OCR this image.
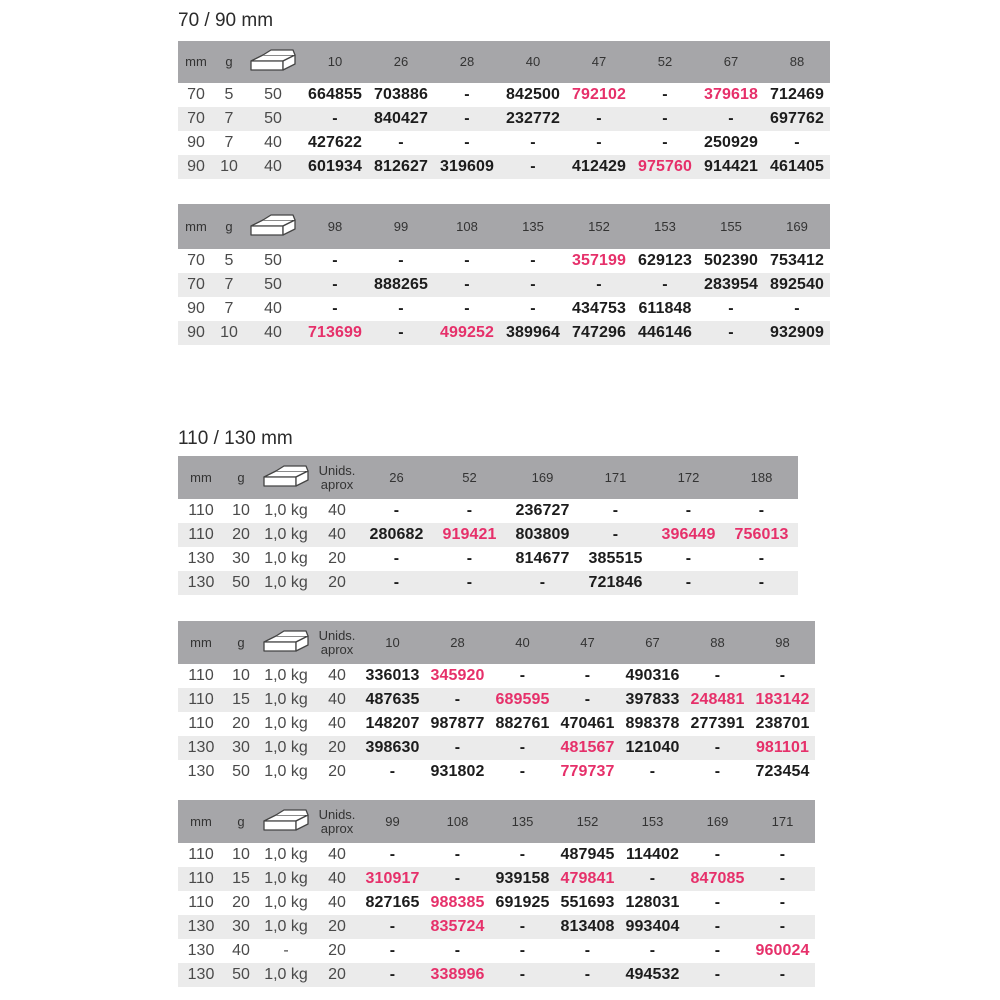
70 / 90 mm
110 / 130 mm
mm	g		10	26	28	40	47	52	67	88
70	5	50	664855	703886	-	842500	792102	-	379618	712469
70	7	50	-	840427	-	232772	-	-	-	697762
90	7	40	427622	-	-	-	-	-	250929	-
90	10	40	601934	812627	319609	-	412429	975760	914421	461405
mm	g		98	99	108	135	152	153	155	169
70	5	50	-	-	-	-	357199	629123	502390	753412
70	7	50	-	888265	-	-	-	-	283954	892540
90	7	40	-	-	-	-	434753	611848	-	-
90	10	40	713699	-	499252	389964	747296	446146	-	932909
mm	g		Unids.
aprox	26	52	169	171	172	188
110	10	1,0 kg	40	-	-	236727	-	-	-
110	20	1,0 kg	40	280682	919421	803809	-	396449	756013
130	30	1,0 kg	20	-	-	814677	385515	-	-
130	50	1,0 kg	20	-	-	-	721846	-	-
mm	g		Unids.
aprox	10	28	40	47	67	88	98
110	10	1,0 kg	40	336013	345920	-	-	490316	-	-
110	15	1,0 kg	40	487635	-	689595	-	397833	248481	183142
110	20	1,0 kg	40	148207	987877	882761	470461	898378	277391	238701
130	30	1,0 kg	20	398630	-	-	481567	121040	-	981101
130	50	1,0 kg	20	-	931802	-	779737	-	-	723454
mm	g		Unids.
aprox	99	108	135	152	153	169	171
110	10	1,0 kg	40	-	-	-	487945	114402	-	-
110	15	1,0 kg	40	310917	-	939158	479841	-	847085	-
110	20	1,0 kg	40	827165	988385	691925	551693	128031	-	-
130	30	1,0 kg	20	-	835724	-	813408	993404	-	-
130	40	-	20	-	-	-	-	-	-	960024
130	50	1,0 kg	20	-	338996	-	-	494532	-	-
